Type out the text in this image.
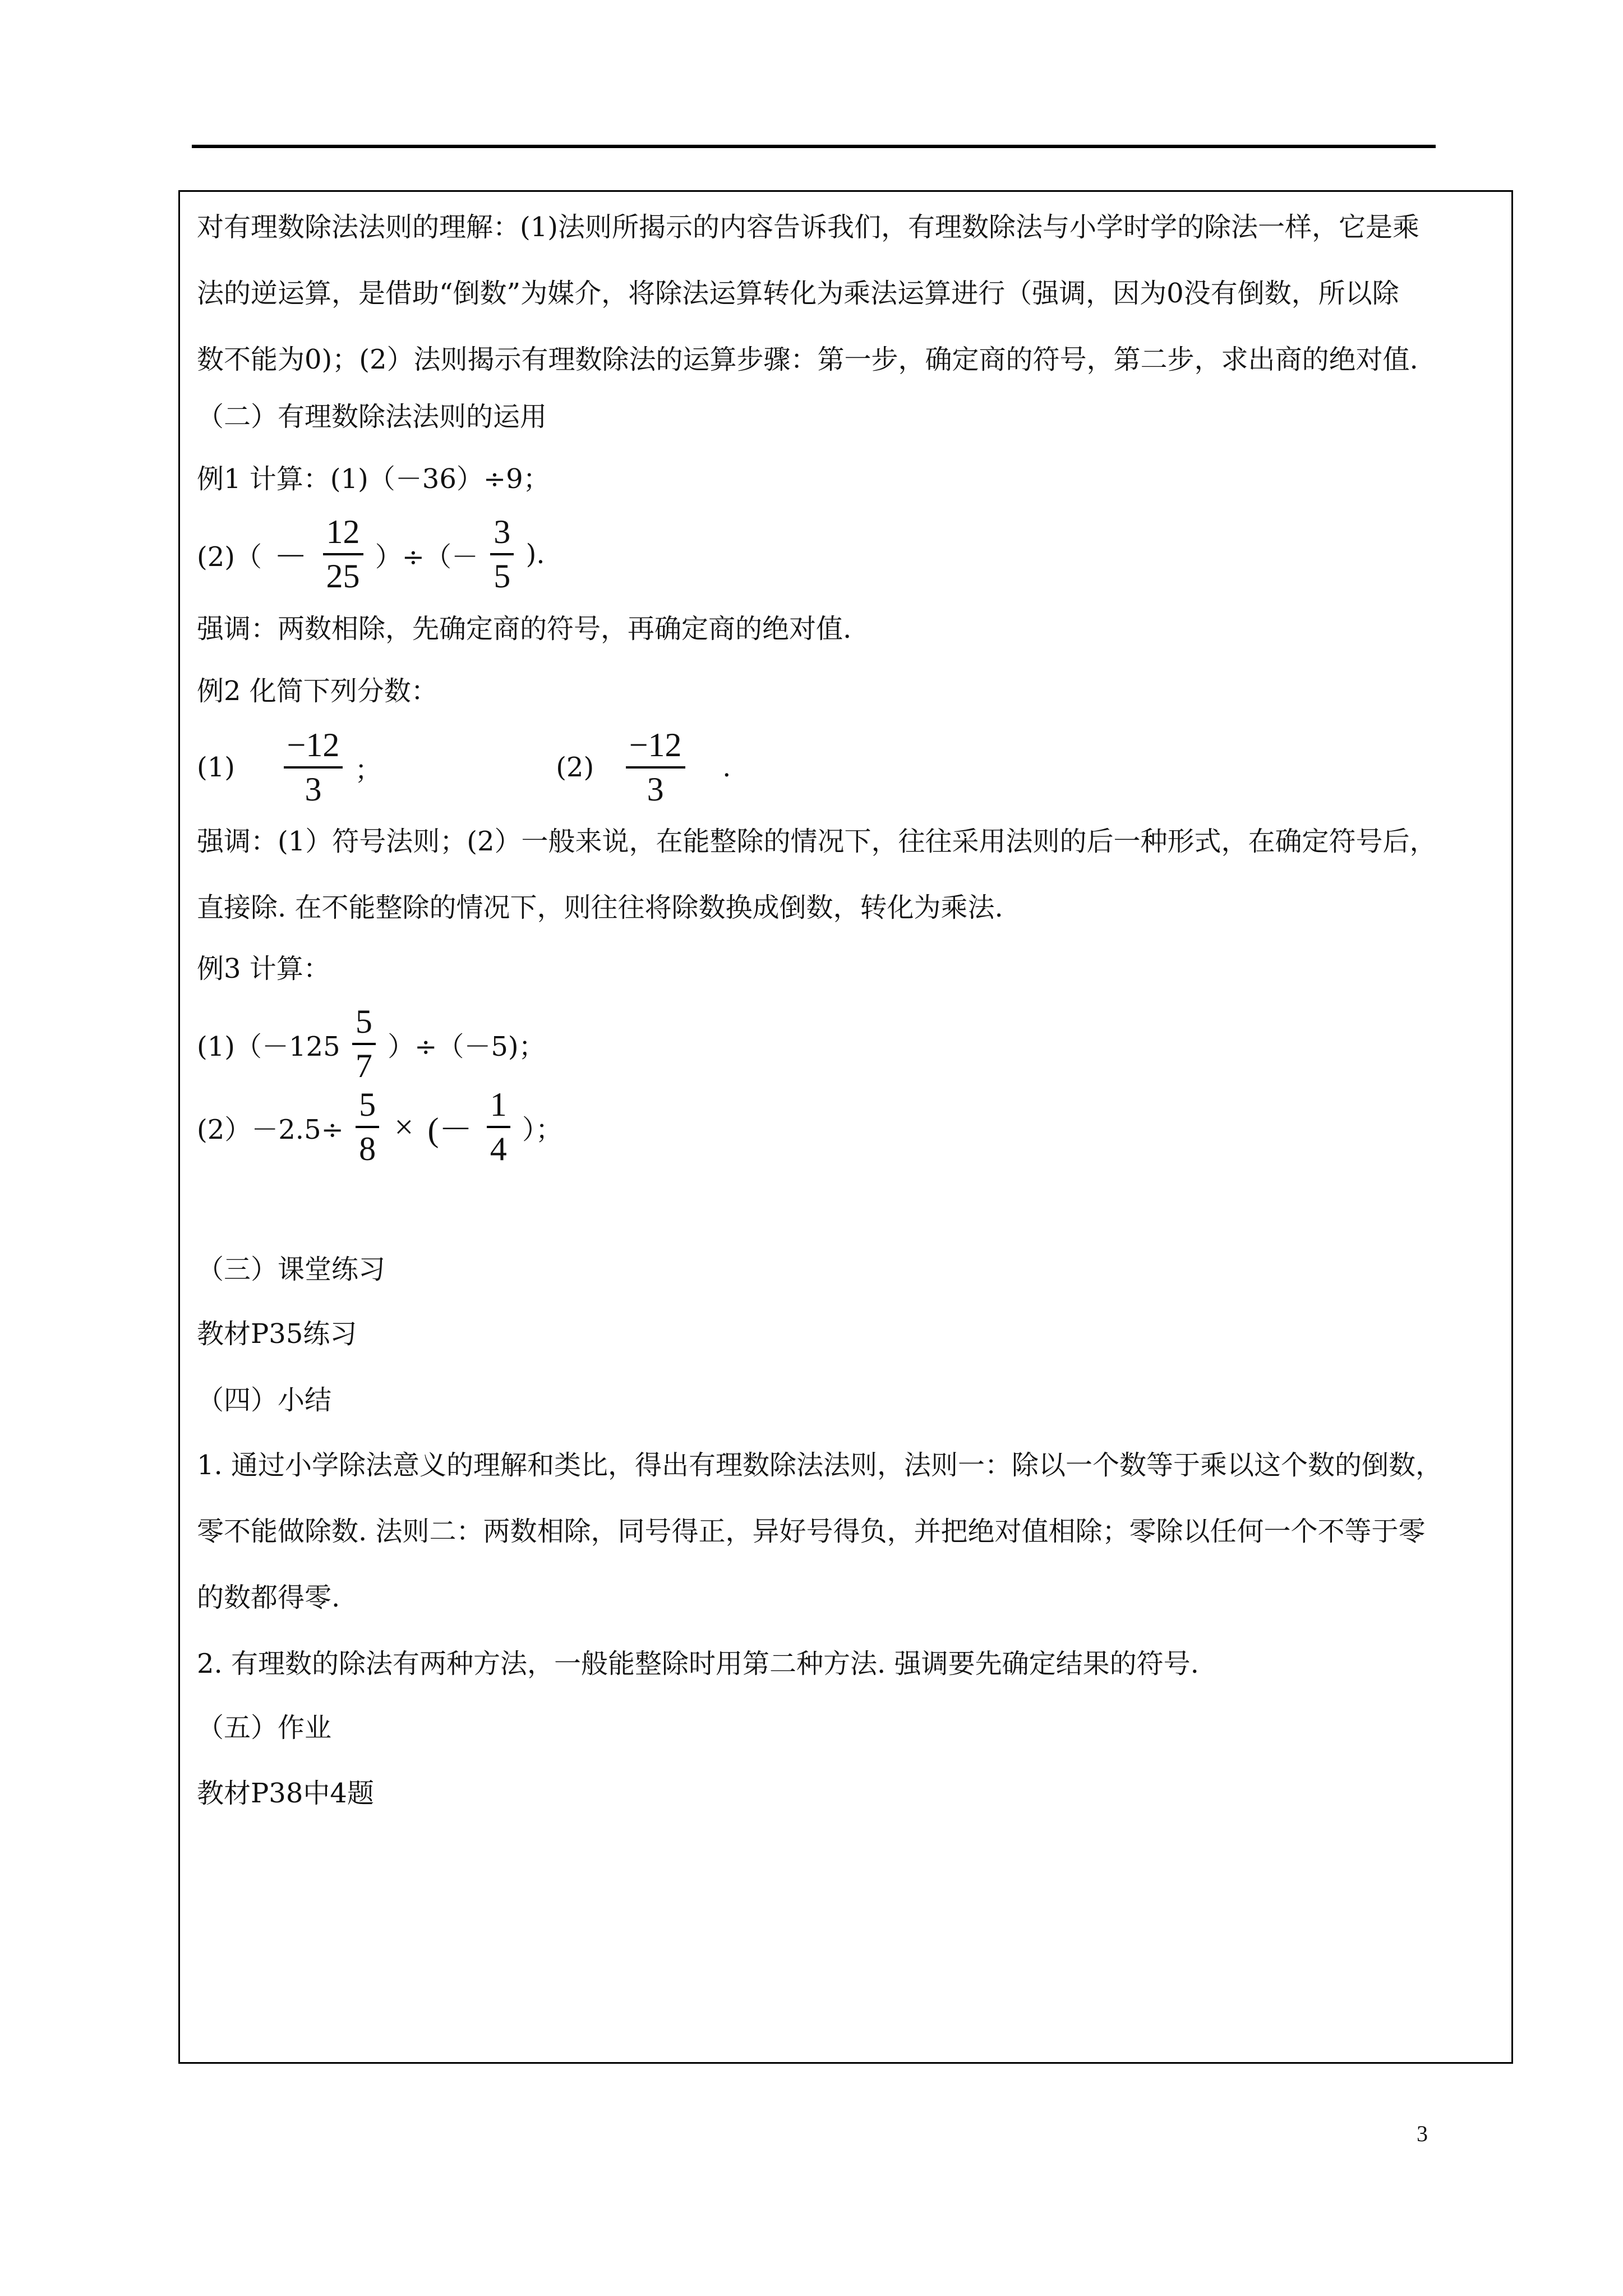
对有理数除法法则的理解：(1)法则所揭示的内容告诉我们，有理数除法与小学时学的除法一样，它是乘
法的逆运算，是借助“倒数”为媒介，将除法运算转化为乘法运算进行（强调，因为0没有倒数，所以除
数不能为0)；(2）法则揭示有理数除法的运算步骤：第一步，确定商的符号，第二步，求出商的绝对值.
（二）有理数除法法则的运用
例1 计算：(1)（－36）÷9；
$(2)( - \frac{12}{25}$ ）÷（－ $\frac{3}{5}$ ).
强调：两数相除，先确定商的符号，再确定商的绝对值.
例2 化简下列分数：
$(1) \frac{-12}{3}$ ；	$(2) \frac{-12}{3}$ .
强调：(1）符号法则；(2）一般来说，在能整除的情况下，往往采用法则的后一种形式，在确定符号后，
直接除. 在不能整除的情况下，则往往将除数换成倒数，转化为乘法.
例3 计算：
$(1)(-125 \frac{5}{7} )\div(-5)$；
$(2)-2.5\div \frac{5}{8}$ × (－ $\frac{1}{4}$ ）；
（三）课堂练习
教材P35练习
（四）小结
1. 通过小学除法意义的理解和类比，得出有理数除法法则，法则一：除以一个数等于乘以这个数的倒数，
零不能做除数. 法则二：两数相除，同号得正，异好号得负，并把绝对值相除；零除以任何一个不等于零
的数都得零.
2. 有理数的除法有两种方法，一般能整除时用第二种方法. 强调要先确定结果的符号.
（五）作业
教材P38中4题
3
